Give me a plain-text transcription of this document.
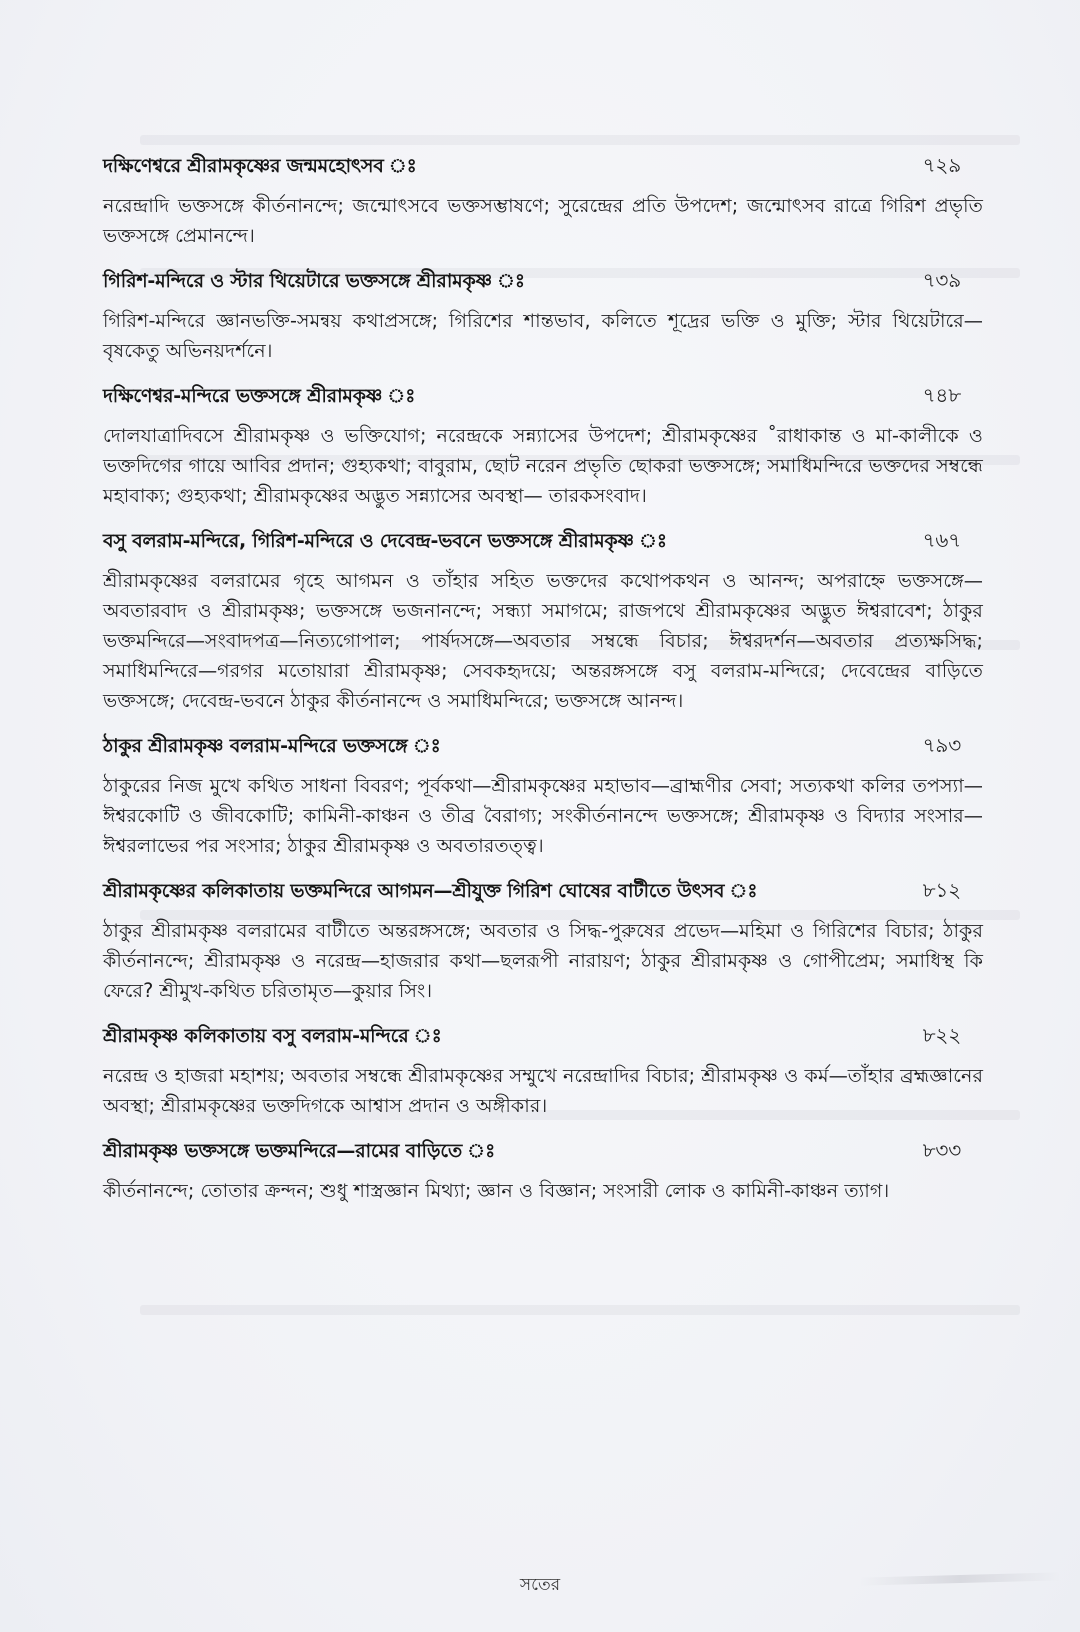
দক্ষিণেশ্বরে শ্রীরামকৃষ্ণের জন্মমহোৎসব ঃ	৭২৯

নরেন্দ্রাদি ভক্তসঙ্গে কীর্তনানন্দে; জন্মোৎসবে ভক্তসম্ভাষণে; সুরেন্দ্রের প্রতি উপদেশ; জন্মোৎসব রাত্রে গিরিশ প্রভৃতি ভক্তসঙ্গে প্রেমানন্দে।

গিরিশ-মন্দিরে ও স্টার থিয়েটারে ভক্তসঙ্গে শ্রীরামকৃষ্ণ ঃ	৭৩৯

গিরিশ-মন্দিরে জ্ঞানভক্তি-সমন্বয় কথাপ্রসঙ্গে; গিরিশের শান্তভাব, কলিতে শূদ্রের ভক্তি ও মুক্তি; স্টার থিয়েটারে—বৃষকেতু অভিনয়দর্শনে।

দক্ষিণেশ্বর-মন্দিরে ভক্তসঙ্গে শ্রীরামকৃষ্ণ ঃ	৭৪৮

দোলযাত্রাদিবসে শ্রীরামকৃষ্ণ ও ভক্তিযোগ; নরেন্দ্রকে সন্ন্যাসের উপদেশ; শ্রীরামকৃষ্ণের ˚রাধাকান্ত ও মা-কালীকে ও ভক্তদিগের গায়ে আবির প্রদান; গুহ্যকথা; বাবুরাম, ছোট নরেন প্রভৃতি ছোকরা ভক্তসঙ্গে; সমাধিমন্দিরে ভক্তদের সম্বন্ধে মহাবাক্য; গুহ্যকথা; শ্রীরামকৃষ্ণের অদ্ভুত সন্ন্যাসের অবস্থা— তারকসংবাদ।

বসু বলরাম-মন্দিরে, গিরিশ-মন্দিরে ও দেবেন্দ্র-ভবনে ভক্তসঙ্গে শ্রীরামকৃষ্ণ ঃ	৭৬৭

শ্রীরামকৃষ্ণের বলরামের গৃহে আগমন ও তাঁহার সহিত ভক্তদের কথোপকথন ও আনন্দ; অপরাহ্নে ভক্তসঙ্গে—অবতারবাদ ও শ্রীরামকৃষ্ণ; ভক্তসঙ্গে ভজনানন্দে; সন্ধ্যা সমাগমে; রাজপথে শ্রীরামকৃষ্ণের অদ্ভুত ঈশ্বরাবেশ; ঠাকুর ভক্তমন্দিরে—সংবাদপত্র—নিত্যগোপাল; পার্ষদসঙ্গে—অবতার সম্বন্ধে বিচার; ঈশ্বরদর্শন—অবতার প্রত্যক্ষসিদ্ধ; সমাধিমন্দিরে—গরগর মতোয়ারা শ্রীরামকৃষ্ণ; সেবকহৃদয়ে; অন্তরঙ্গসঙ্গে বসু বলরাম-মন্দিরে; দেবেন্দ্রের বাড়িতে ভক্তসঙ্গে; দেবেন্দ্র-ভবনে ঠাকুর কীর্তনানন্দে ও সমাধিমন্দিরে; ভক্তসঙ্গে আনন্দ।

ঠাকুর শ্রীরামকৃষ্ণ বলরাম-মন্দিরে ভক্তসঙ্গে ঃ	৭৯৩

ঠাকুরের নিজ মুখে কথিত সাধনা বিবরণ; পূর্বকথা—শ্রীরামকৃষ্ণের মহাভাব—ব্রাহ্মণীর সেবা; সত্যকথা কলির তপস্যা—ঈশ্বরকোটি ও জীবকোটি; কামিনী-কাঞ্চন ও তীব্র বৈরাগ্য; সংকীর্তনানন্দে ভক্তসঙ্গে; শ্রীরামকৃষ্ণ ও বিদ্যার সংসার—ঈশ্বরলাভের পর সংসার; ঠাকুর শ্রীরামকৃষ্ণ ও অবতারতত্ত্ব।

শ্রীরামকৃষ্ণের কলিকাতায় ভক্তমন্দিরে আগমন—শ্রীযুক্ত গিরিশ ঘোষের বাটীতে উৎসব ঃ	৮১২

ঠাকুর শ্রীরামকৃষ্ণ বলরামের বাটীতে অন্তরঙ্গসঙ্গে; অবতার ও সিদ্ধ-পুরুষের প্রভেদ—মহিমা ও গিরিশের বিচার; ঠাকুর কীর্তনানন্দে; শ্রীরামকৃষ্ণ ও নরেন্দ্র—হাজরার কথা—ছলরূপী নারায়ণ; ঠাকুর শ্রীরামকৃষ্ণ ও গোপীপ্রেম; সমাধিস্থ কি ফেরে? শ্রীমুখ-কথিত চরিতামৃত—কুয়ার সিং।

শ্রীরামকৃষ্ণ কলিকাতায় বসু বলরাম-মন্দিরে ঃ	৮২২

নরেন্দ্র ও হাজরা মহাশয়; অবতার সম্বন্ধে শ্রীরামকৃষ্ণের সম্মুখে নরেন্দ্রাদির বিচার; শ্রীরামকৃষ্ণ ও কর্ম—তাঁহার ব্রহ্মজ্ঞানের অবস্থা; শ্রীরামকৃষ্ণের ভক্তদিগকে আশ্বাস প্রদান ও অঙ্গীকার।

শ্রীরামকৃষ্ণ ভক্তসঙ্গে ভক্তমন্দিরে—রামের বাড়িতে ঃ	৮৩৩

কীর্তনানন্দে; তোতার ক্রন্দন; শুধু শাস্ত্রজ্ঞান মিথ্যা; জ্ঞান ও বিজ্ঞান; সংসারী লোক ও কামিনী-কাঞ্চন ত্যাগ।

সতের
